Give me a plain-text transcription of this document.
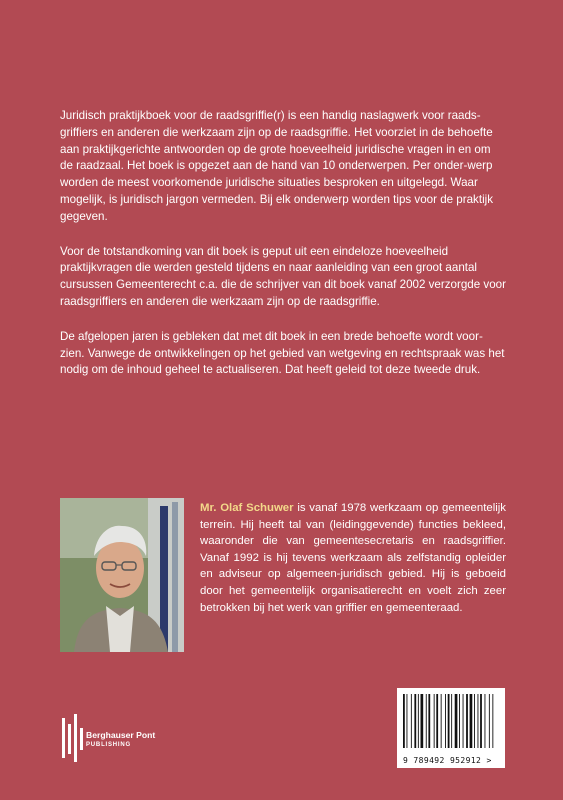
Juridisch praktijkboek voor de raadsgriffie(r) is een handig naslagwerk voor raads-griffiers en anderen die werkzaam zijn op de raadsgriffie. Het voorziet in de behoefte aan praktijkgerichte antwoorden op de grote hoeveelheid juridische vragen in en om de raadzaal. Het boek is opgezet aan de hand van 10 onderwerpen. Per onder-werp worden de meest voorkomende juridische situaties besproken en uitgelegd. Waar mogelijk, is juridisch jargon vermeden. Bij elk onderwerp worden tips voor de praktijk gegeven.

Voor de totstandkoming van dit boek is geput uit een eindeloze hoeveelheid praktijkvragen die werden gesteld tijdens en naar aanleiding van een groot aantal cursussen Gemeenterecht c.a. die de schrijver van dit boek vanaf 2002 verzorgde voor raadsgriffiers en anderen die werkzaam zijn op de raadsgriffie.

De afgelopen jaren is gebleken dat met dit boek in een brede behoefte wordt voor-zien. Vanwege de ontwikkelingen op het gebied van wetgeving en rechtspraak was het nodig om de inhoud geheel te actualiseren. Dat heeft geleid tot deze tweede druk.

Mr. Olaf Schuwer is vanaf 1978 werkzaam op gemeentelijk terrein. Hij heeft tal van (leidinggevende) functies bekleed, waaronder die van gemeentesecretaris en raadsgriffier. Vanaf 1992 is hij tevens werkzaam als zelfstandig opleider en adviseur op algemeen-juridisch gebied. Hij is geboeid door het gemeentelijk organisatierecht en voelt zich zeer betrokken bij het werk van griffier en gemeenteraad.
Berghauser Pont
PUBLISHING
9 789492 952912 >
